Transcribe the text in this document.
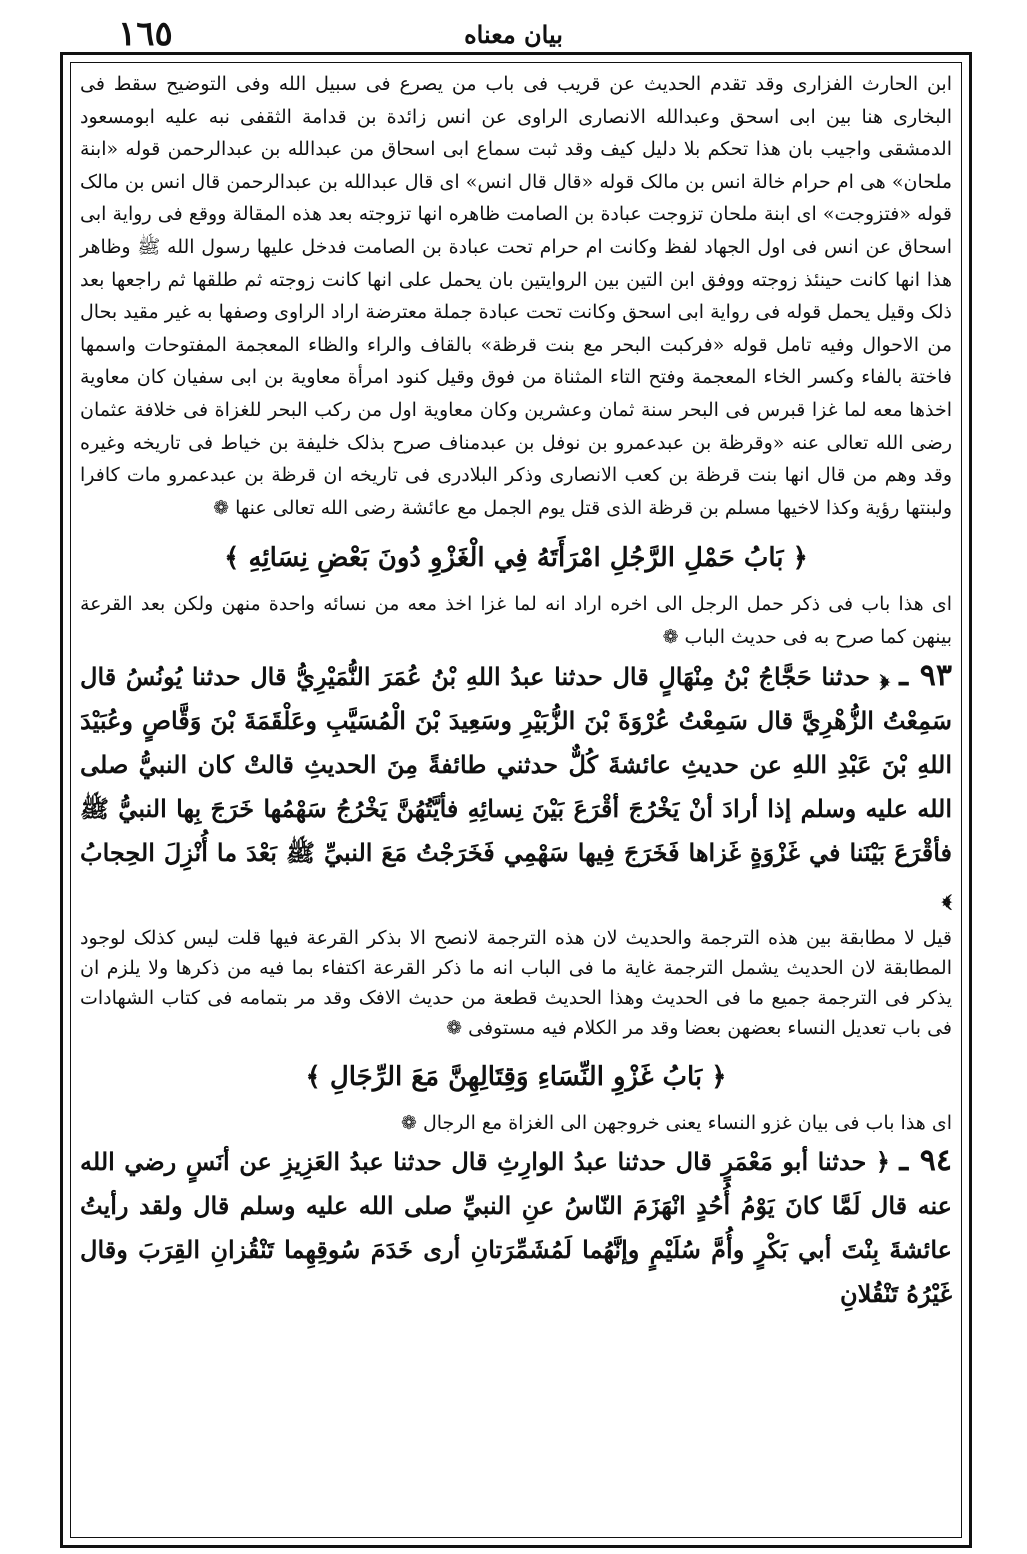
١٦٥	بيان معناه

ابن الحارث الفزاری وقد تقدم الحدیث عن قریب فی باب من یصرع فی سبیل الله وفی التوضیح سقط فی البخاری هنا بین ابی اسحق وعبدالله الانصاری الراوی عن انس زائدة بن قدامة الثقفی نبه علیه ابومسعود الدمشقی واجیب بان هذا تحکم بلا دلیل کیف وقد ثبت سماع ابی اسحاق من عبدالله بن عبدالرحمن قوله «ابنة ملحان» هی ام حرام خالة انس بن مالک قوله «قال قال انس» ای قال عبدالله بن عبدالرحمن قال انس بن مالک قوله «فتزوجت» ای ابنة ملحان تزوجت عبادة بن الصامت ظاهره انها تزوجته بعد هذه المقالة ووقع فی روایة ابی اسحاق عن انس فی اول الجهاد لفظ وکانت ام حرام تحت عبادة بن الصامت فدخل علیها رسول الله ﷺ وظاهر هذا انها کانت حینئذ زوجته ووفق ابن التین بین الروایتین بان یحمل علی انها کانت زوجته ثم طلقها ثم راجعها بعد ذلک وقیل یحمل قوله فی روایة ابی اسحق وکانت تحت عبادة جملة معترضة اراد الراوی وصفها به غیر مقید بحال من الاحوال وفیه تامل قوله «فرکبت البحر مع بنت قرظة» بالقاف والراء والظاء المعجمة المفتوحات واسمها فاختة بالفاء وکسر الخاء المعجمة وفتح التاء المثناة من فوق وقیل کنود امرأة معاویة بن ابی سفیان کان معاویة اخذها معه لما غزا قبرس فی البحر سنة ثمان وعشرین وکان معاویة اول من رکب البحر للغزاة فی خلافة عثمان رضی الله تعالی عنه «وقرظة بن عبدعمرو بن نوفل بن عبدمناف صرح بذلک خلیفة بن خیاط فی تاریخه وغیره وقد وهم من قال انها بنت قرظة بن کعب الانصاری وذکر البلادری فی تاریخه ان قرظة بن عبدعمرو مات کافرا ولبنتها رؤیة وکذا لاخیها مسلم بن قرظة الذی قتل یوم الجمل مع عائشة رضی الله تعالی عنها ❁

﴿ بَابُ حَمْلِ الرَّجُلِ امْرَأَتَهُ فِي الْغَزْوِ دُونَ بَعْضِ نِسَائِهِ ﴾

ای هذا باب فی ذکر حمل الرجل الی اخره اراد انه لما غزا اخذ معه من نسائه واحدة منهن ولکن بعد القرعة بینهن کما صرح به فی حدیث الباب ❁

٩٣ ـ ﴿ حدثنا حَجَّاجُ بْنُ مِنْهَالٍ قال حدثنا عبدُ اللهِ بْنُ عُمَرَ النُّمَيْرِيُّ قال حدثنا يُونُسُ قال سَمِعْتُ الزُّهْرِيَّ قال سَمِعْتُ عُرْوَةَ بْنَ الزُّبَيْرِ وسَعِيدَ بْنَ الْمُسَيَّبِ وعَلْقَمَةَ بْنَ وَقَّاصٍ وعُبَيْدَ اللهِ بْنَ عَبْدِ اللهِ عن حديثِ عائشةَ كُلٌّ حدثني طائفةً مِنَ الحديثِ قالتْ كان النبيُّ صلى الله عليه وسلم إذا أرادَ أنْ يَخْرُجَ أقْرَعَ بَيْنَ نِسائِهِ فأيَّتُهُنَّ يَخْرُجُ سَهْمُها خَرَجَ بِها النبيُّ ﷺ فأقْرَعَ بَيْنَنا في غَزْوَةٍ غَزاها فَخَرَجَ فِيها سَهْمِي فَخَرَجْتُ مَعَ النبيِّ ﷺ بَعْدَ ما أُنْزِلَ الحِجابُ ﴾

قیل لا مطابقة بین هذه الترجمة والحدیث لان هذه الترجمة لانصح الا بذکر القرعة فیها قلت لیس کذلک لوجود المطابقة لان الحدیث یشمل الترجمة غایة ما فی الباب انه ما ذکر القرعة اکتفاء بما فیه من ذکرها ولا یلزم ان یذکر فی الترجمة جمیع ما فی الحدیث وهذا الحدیث قطعة من حدیث الافک وقد مر بتمامه فی کتاب الشهادات فی باب تعدیل النساء بعضهن بعضا وقد مر الکلام فیه مستوفی ❁

﴿ بَابُ غَزْوِ النِّسَاءِ وَقِتَالِهِنَّ مَعَ الرِّجَالِ ﴾

ای هذا باب فی بیان غزو النساء یعنی خروجهن الی الغزاة مع الرجال ❁

٩٤ ـ ﴿ حدثنا أبو مَعْمَرٍ قال حدثنا عبدُ الوارِثِ قال حدثنا عبدُ العَزِيزِ عن أنَسٍ رضي الله عنه قال لَمَّا كانَ يَوْمُ أُحُدٍ انْهَزَمَ النّاسُ عنِ النبيِّ صلى الله عليه وسلم قال ولقد رأيتُ عائشةَ بِنْتَ أبي بَكْرٍ وأُمَّ سُلَيْمٍ وإنَّهُما لَمُشَمِّرَتانِ أرى خَدَمَ سُوقِهِما تَنْقُزانِ القِرَبَ وقال غَيْرُهُ تَنْقُلانِ
